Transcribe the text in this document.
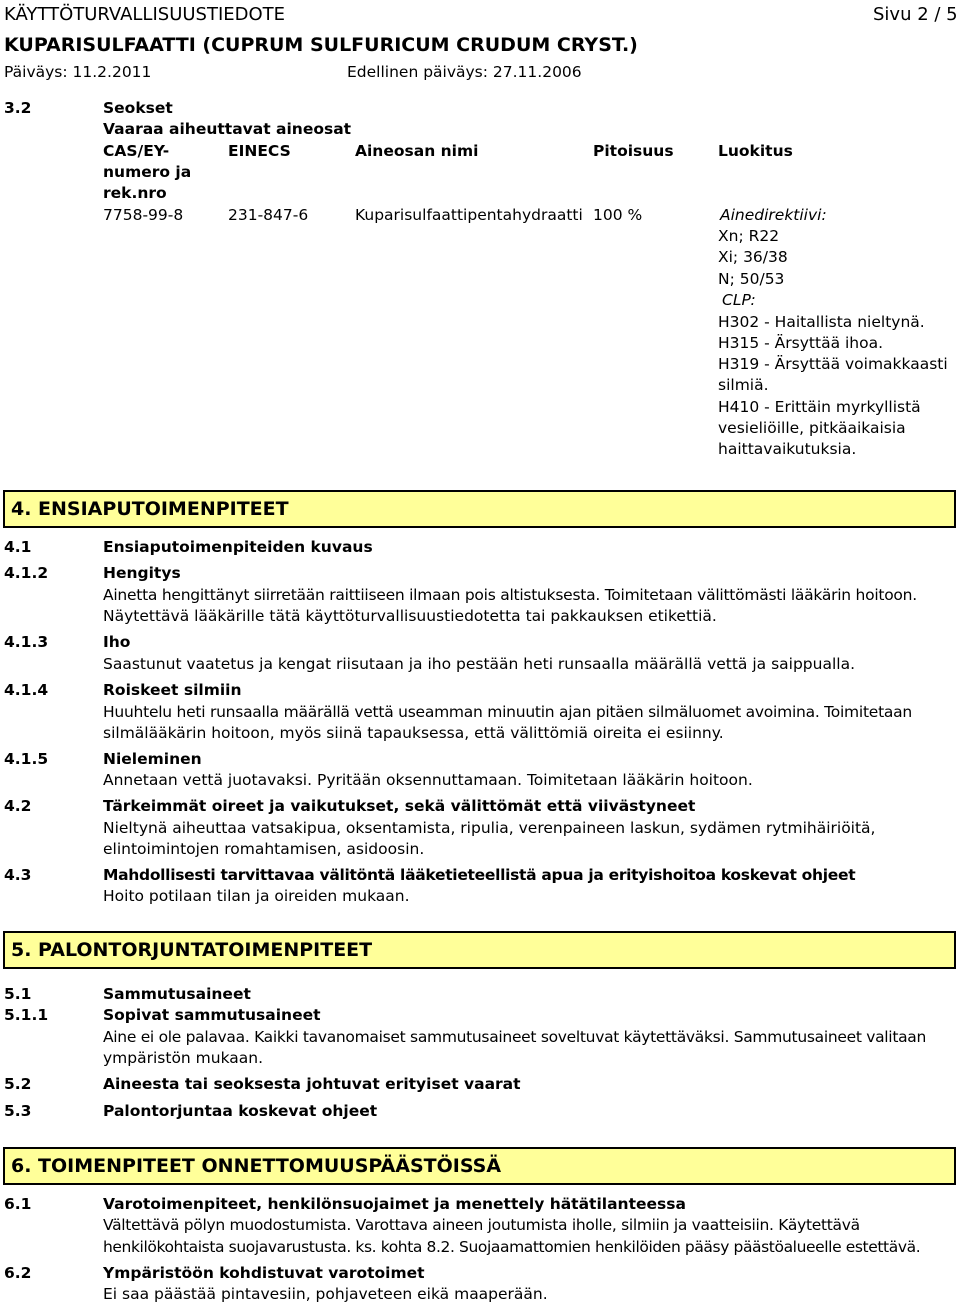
KÄYTTÖTURVALLISUUSTIEDOTE	Sivu 2 / 5
KUPARISULFAATTI (CUPRUM SULFURICUM CRUDUM CRYST.)
Päiväys: 11.2.2011	Edellinen päiväys: 27.11.2006
3.2	Seokset
Vaaraa aiheuttavat aineosat
CAS/EY-
numero ja
rek.nro
EINECS	Aineosan nimi	Pitoisuus	Luokitus
7758-99-8	231-847-6	Kuparisulfaattipentahydraatti 100 %	Ainedirektiivi:
Xn; R22
Xi; 36/38
N; 50/53
CLP:
H302 - Haitallista nieltynä.
H315 - Ärsyttää ihoa.
H319 - Ärsyttää voimakkaasti
silmiä.
H410 - Erittäin myrkyllistä
vesieliöille, pitkäaikaisia
haittavaikutuksia.
4. ENSIAPUTOIMENPITEET
4.1	Ensiaputoimenpiteiden kuvaus
4.1.2	Hengitys
Ainetta hengittänyt siirretään raittiiseen ilmaan pois altistuksesta. Toimitetaan välittömästi lääkärin hoitoon.
Näytettävä lääkärille tätä käyttöturvallisuustiedotetta tai pakkauksen etikettiä.
4.1.3	Iho
Saastunut vaatetus ja kengat riisutaan ja iho pestään heti runsaalla määrällä vettä ja saippualla.
4.1.4	Roiskeet silmiin
Huuhtelu heti runsaalla määrällä vettä useamman minuutin ajan pitäen silmäluomet avoimina. Toimitetaan
silmälääkärin hoitoon, myös siinä tapauksessa, että välittömiä oireita ei esiinny.
4.1.5	Nieleminen
Annetaan vettä juotavaksi. Pyritään oksennuttamaan. Toimitetaan lääkärin hoitoon.
4.2	Tärkeimmät oireet ja vaikutukset, sekä välittömät että viivästyneet
Nieltynä aiheuttaa vatsakipua, oksentamista, ripulia, verenpaineen laskun, sydämen rytmihäiriöitä,
elintoimintojen romahtamisen, asidoosin.
4.3	Mahdollisesti tarvittavaa välitöntä lääketieteellistä apua ja erityishoitoa koskevat ohjeet
Hoito potilaan tilan ja oireiden mukaan.
5. PALONTORJUNTATOIMENPITEET
5.1	Sammutusaineet
5.1.1	Sopivat sammutusaineet
Aine ei ole palavaa. Kaikki tavanomaiset sammutusaineet soveltuvat käytettäväksi. Sammutusaineet valitaan
ympäristön mukaan.
5.2	Aineesta tai seoksesta johtuvat erityiset vaarat
5.3	Palontorjuntaa koskevat ohjeet
6. TOIMENPITEET ONNETTOMUUSPÄÄSTÖISSÄ
6.1	Varotoimenpiteet, henkilönsuojaimet ja menettely hätätilanteessa
Vältettävä pölyn muodostumista. Varottava aineen joutumista iholle, silmiin ja vaatteisiin. Käytettävä
henkilökohtaista suojavarustusta. ks. kohta 8.2. Suojaamattomien henkilöiden pääsy päästöalueelle estettävä.
6.2	Ympäristöön kohdistuvat varotoimet
Ei saa päästää pintavesiin, pohjaveteen eikä maaperään.
